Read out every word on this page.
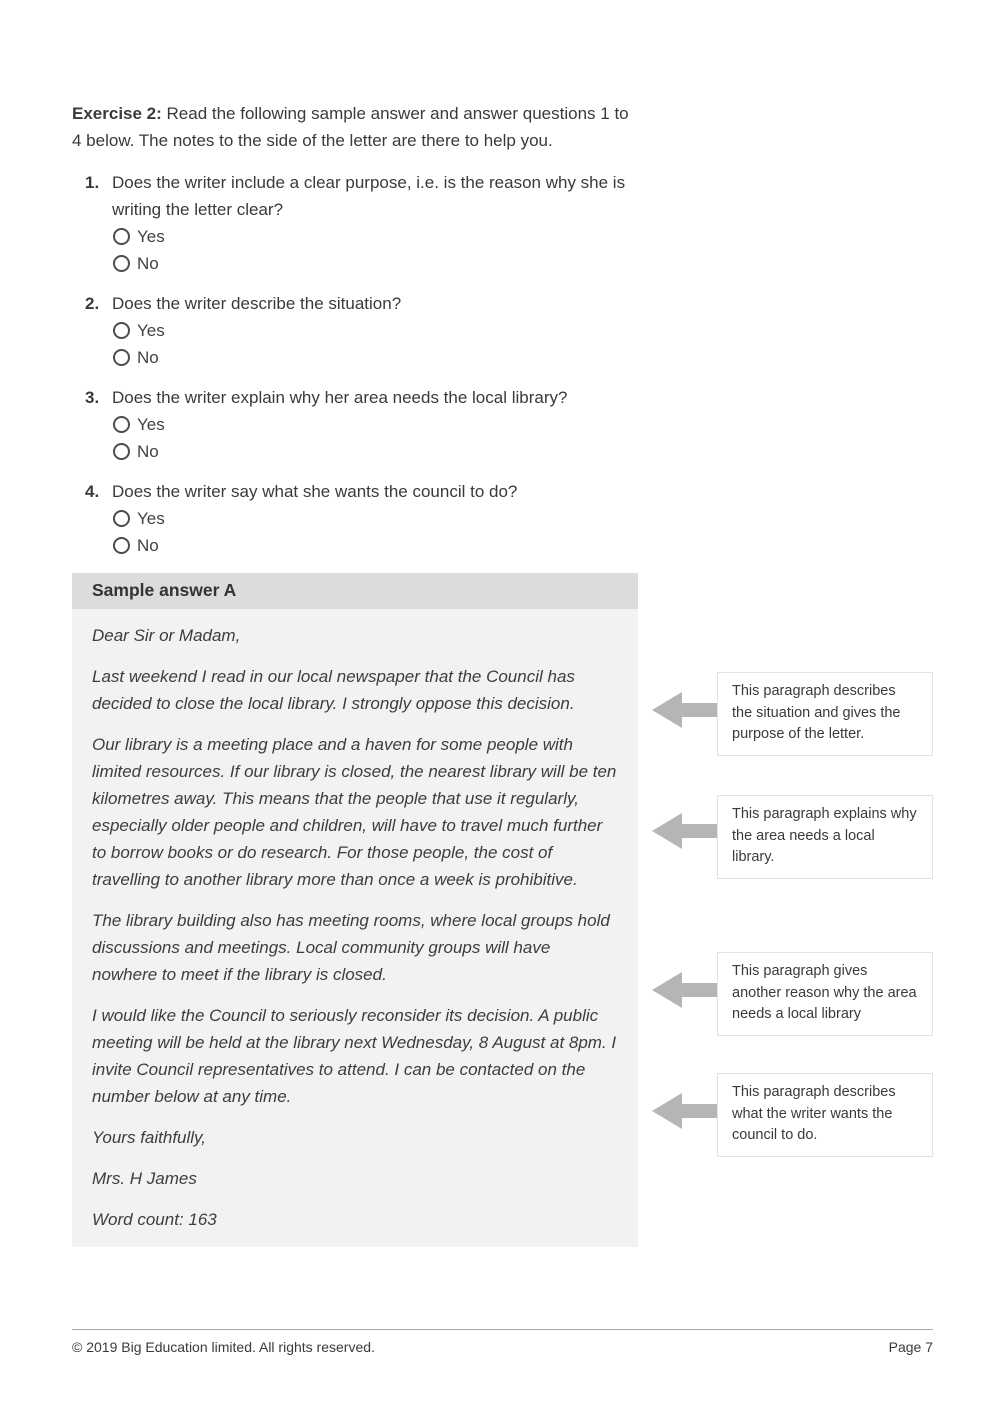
Exercise 2: Read the following sample answer and answer questions 1 to 4 below. The notes to the side of the letter are there to help you.

1. Does the writer include a clear purpose, i.e. is the reason why she is writing the letter clear?
Yes
No
2. Does the writer describe the situation?
Yes
No
3. Does the writer explain why her area needs the local library?
Yes
No
4. Does the writer say what she wants the council to do?
Yes
No
Sample answer A

Dear Sir or Madam,

Last weekend I read in our local newspaper that the Council has decided to close the local library. I strongly oppose this decision.

Our library is a meeting place and a haven for some people with limited resources. If our library is closed, the nearest library will be ten kilometres away. This means that the people that use it regularly, especially older people and children, will have to travel much further to borrow books or do research. For those people, the cost of travelling to another library more than once a week is prohibitive.

The library building also has meeting rooms, where local groups hold discussions and meetings. Local community groups will have nowhere to meet if the library is closed.

I would like the Council to seriously reconsider its decision. A public meeting will be held at the library next Wednesday, 8 August at 8pm. I invite Council representatives to attend. I can be contacted on the number below at any time.

Yours faithfully,

Mrs. H James

Word count: 163

This paragraph describes the situation and gives the purpose of the letter.
This paragraph explains why the area needs a local library.
This paragraph gives another reason why the area needs a local library
This paragraph describes what the writer wants the council to do.
© 2019 Big Education limited. All rights reserved.	Page 7
